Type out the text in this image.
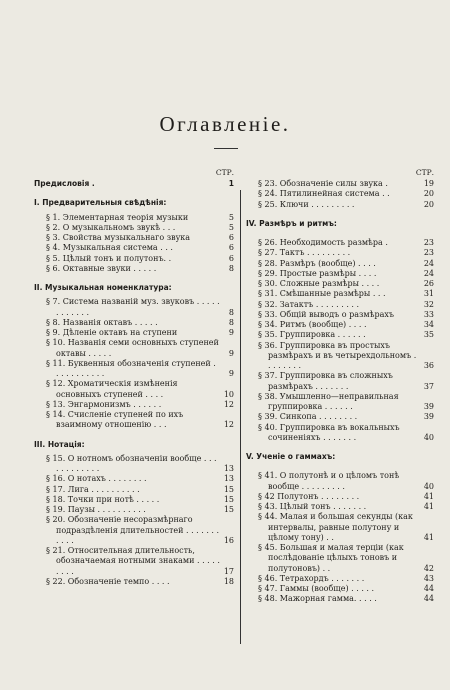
Оглавленіе.
СТР.
Предисловія .	1
I. Предварительныя свѣдѣнія:
§ 1. Элементарная теорія музыки	5
§ 2. О музыкальномъ звукѣ . . .	5
§ 3. Свойства музыкальнаго звука	6
§ 4. Музыкальная система . . .	6
§ 5. Цѣлый тонъ и полутонъ. .	6
§ 6. Октавные звуки . . . . .	8
II. Музыкальная номенклатура:
§ 7. Система названій муз. звуковъ . . . . . . . . . . . .	8
§ 8. Названія октавъ . . . . .	8
§ 9. Дѣленіе октавъ на ступени	9
§ 10. Названія семи основныхъ ступеней октавы . . . . .	9
§ 11. Буквенныя обозначенія ступеней . . . . . . . . . . .	9
§ 12. Хроматическія измѣненія основныхъ ступеней . . . .	10
§ 13. Энгармонизмъ . . . . . .	12
§ 14. Счисленіе ступеней по ихъ взаимному отношенію . . .	12
III. Нотація:
§ 15. О нотномъ обозначеніи вообще . . . . . . . . . . . .	13
§ 16. О нотахъ . . . . . . . .	13
§ 17. Лига . . . . . . . . . .	15
§ 18. Точки при нотѣ . . . . .	15
§ 19. Паузы . . . . . . . . . .	15
§ 20. Обозначеніе несоразмѣрнаго подраздѣленія длительностей . . . . . . . . . . .	16
§ 21. Относительная длительность, обозначаемая нотными знаками . . . . . . . . .	17
§ 22. Обозначеніе темпо . . . .	18
СТР.
§ 23. Обозначеніе силы звука .	19
§ 24. Пятилинейная система . .	20
§ 25. Ключи . . . . . . . . .	20
IV. Размѣръ и ритмъ:
§ 26. Необходимость размѣра .	23
§ 27. Тактъ . . . . . . . . .	23
§ 28. Размѣръ (вообще) . . . .	24
§ 29. Простые размѣры . . . .	24
§ 30. Сложные размѣры . . . .	26
§ 31. Смѣшанные размѣры . . .	31
§ 32. Затактъ . . . . . . . . .	32
§ 33. Общій выводъ о размѣрахъ	33
§ 34. Ритмъ (вообще) . . . .	34
§ 35. Группировка . . . . . .	35
§ 36. Группировка въ простыхъ размѣрахъ и въ четырехдольномъ . . . . . . . .	36
§ 37. Группировка въ сложныхъ размѣрахъ . . . . . . .	37
§ 38. Умышленно—неправильная группировка . . . . . .	39
§ 39. Синкопа . . . . . . . .	39
§ 40. Группировка въ вокальныхъ сочиненіяхъ . . . . . . .	40
V. Ученіе о гаммахъ:
§ 41. О полутонѣ и о цѣломъ тонѣ вообще . . . . . . . . .	40
§ 42 Полутонъ . . . . . . . .	41
§ 43. Цѣлый тонъ . . . . . . .	41
§ 44. Малая и большая секунды (как интервалы, равные полутону и цѣлому тону) . .	41
§ 45. Большая и малая терціи (как послѣдованіе цѣлыхъ тоновъ и полутоновъ) . .	42
§ 46. Тетрахордъ . . . . . . .	43
§ 47. Гаммы (вообще) . . . . .	44
§ 48. Мажорная гамма. . . . .	44
